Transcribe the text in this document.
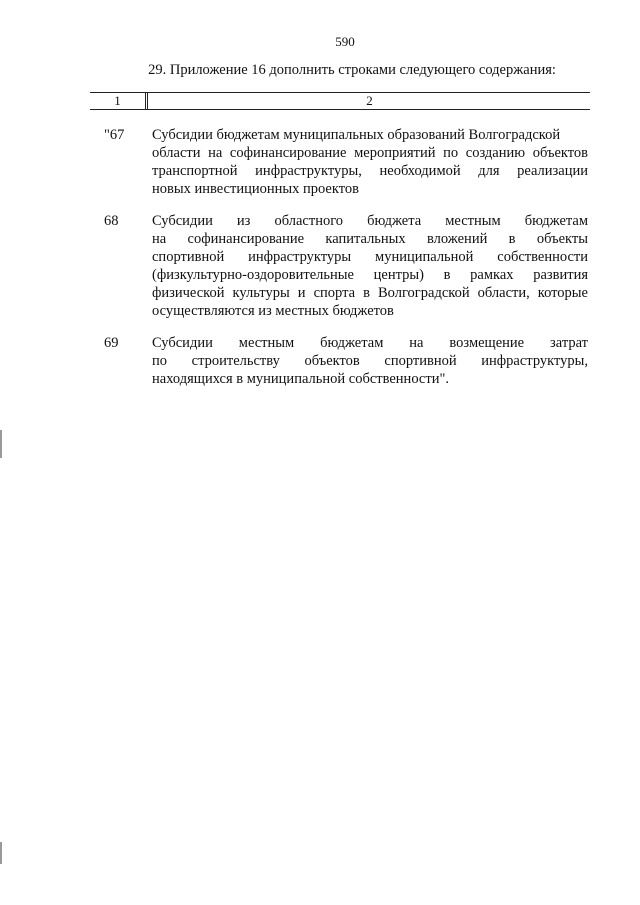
590
29. Приложение 16 дополнить строками следующего содержания:
1	2
"67	Субсидии бюджетам муниципальных образований Волгоградской
области на софинансирование мероприятий по созданию объектов
транспортной инфраструктуры, необходимой для реализации
новых инвестиционных проектов
68	Субсидии из областного бюджета местным бюджетам
на софинансирование капитальных вложений в объекты
спортивной инфраструктуры муниципальной собственности
(физкультурно-оздоровительные центры) в рамках развития
физической культуры и спорта в Волгоградской области, которые
осуществляются из местных бюджетов
69	Субсидии местным бюджетам на возмещение затрат
по строительству объектов спортивной инфраструктуры,
находящихся в муниципальной собственности".
